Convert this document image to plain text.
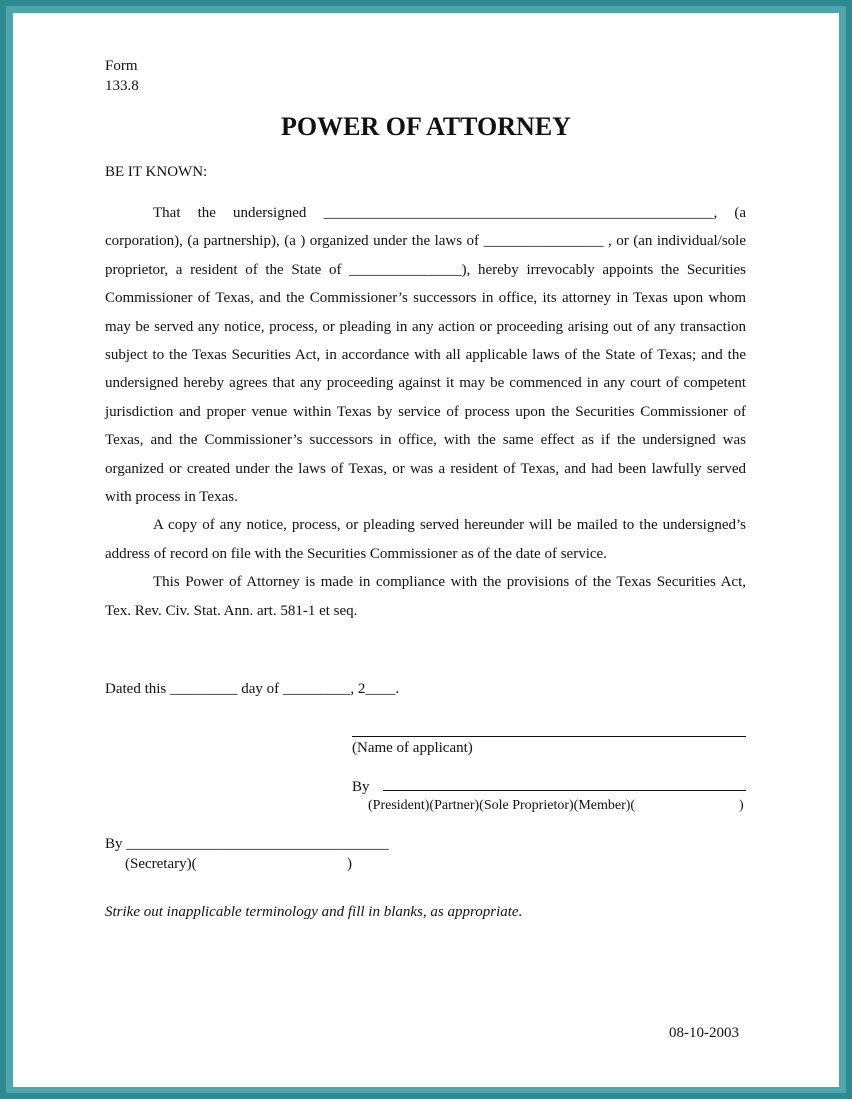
Form
133.8
POWER OF ATTORNEY
BE IT KNOWN:

That the undersigned ____________________________________________________, (a corporation), (a partnership), (a ) organized under the laws of ________________ , or (an individual/sole proprietor, a resident of the State of _______________), hereby irrevocably appoints the Securities Commissioner of Texas, and the Commissioner’s successors in office, its attorney in Texas upon whom may be served any notice, process, or pleading in any action or proceeding arising out of any transaction subject to the Texas Securities Act, in accordance with all applicable laws of the State of Texas; and the undersigned hereby agrees that any proceeding against it may be commenced in any court of competent jurisdiction and proper venue within Texas by service of process upon the Securities Commissioner of Texas, and the Commissioner’s successors in office, with the same effect as if the undersigned was organized or created under the laws of Texas, or was a resident of Texas, and had been lawfully served with process in Texas.

A copy of any notice, process, or pleading served hereunder will be mailed to the undersigned’s address of record on file with the Securities Commissioner as of the date of service.

This Power of Attorney is made in compliance with the provisions of the Texas Securities Act, Tex. Rev. Civ. Stat. Ann. art. 581-1 et seq.

Dated this _________ day of _________, 2____.
(Name of applicant)
By
(President)(Partner)(Sole Proprietor)(Member)(	)
By ___________________________________
(Secretary)(	)
Strike out inapplicable terminology and fill in blanks, as appropriate.
08-10-2003
